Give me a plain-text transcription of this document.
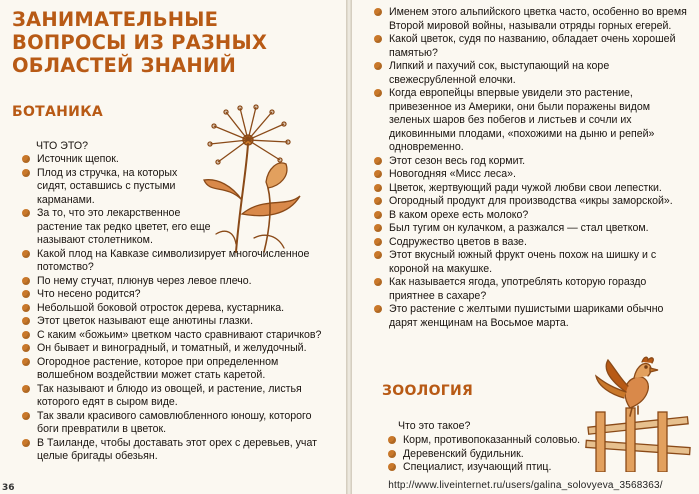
ЗАНИМАТЕЛЬНЫЕ
ВОПРОСЫ ИЗ РАЗНЫХ
ОБЛАСТЕЙ ЗНАНИЙ
БОТАНИКА
ЧТО ЭТО?
Источник щепок.
Плод из стручка, на которых сидят, оставшись с пустыми карманами.
За то, что это лекарственное растение так редко цветет, его еще называют столетником.
Какой плод на Кавказе символизирует многочисленное потомство?
По нему стучат, плюнув через левое плечо.
Что несено родится?
Небольшой боковой отросток дерева, кустарника.
Этот цветок называют еще анютины глазки.
С каким «божьим» цветком часто сравнивают старичков?
Он бывает и виноградный, и томатный, и желудочный.
Огородное растение, которое при определенном волшебном воздействии может стать каретой.
Так называют и блюдо из овощей, и растение, листья которого едят в сыром виде.
Так звали красивого самовлюбленного юношу, которого боги превратили в цветок.
В Таиланде, чтобы доставать этот орех с деревьев, учат целые бригады обезьян.
36
Именем этого альпийского цветка часто, особенно во время Второй мировой войны, называли отряды горных егерей.
Какой цветок, судя по названию, обладает очень хорошей памятью?
Липкий и пахучий сок, выступающий на коре свежесрубленной елочки.
Когда европейцы впервые увидели это растение, привезенное из Америки, они были поражены видом зеленых шаров без побегов и листьев и сочли их диковинными плодами, «похожими на дыню и репей» одновременно.
Этот сезон весь год кормит.
Новогодняя «Мисс леса».
Цветок, жертвующий ради чужой любви свои лепестки.
Огородный продукт для производства «икры заморской».
В каком орехе есть молоко?
Был тугим он кулачком, а разжался — стал цветком.
Содружество цветов в вазе.
Этот вкусный южный фрукт очень похож на шишку и с короной на макушке.
Как называется ягода, употреблять которую гораздо приятнее в сахаре?
Это растение с желтыми пушистыми шариками обычно дарят женщинам на Восьмое марта.
ЗООЛОГИЯ
Что это такое?
Корм, противопоказанный соловью.
Деревенский будильник.
Специалист, изучающий птиц.
http://www.liveinternet.ru/users/galina_solovyeva_3568363/
